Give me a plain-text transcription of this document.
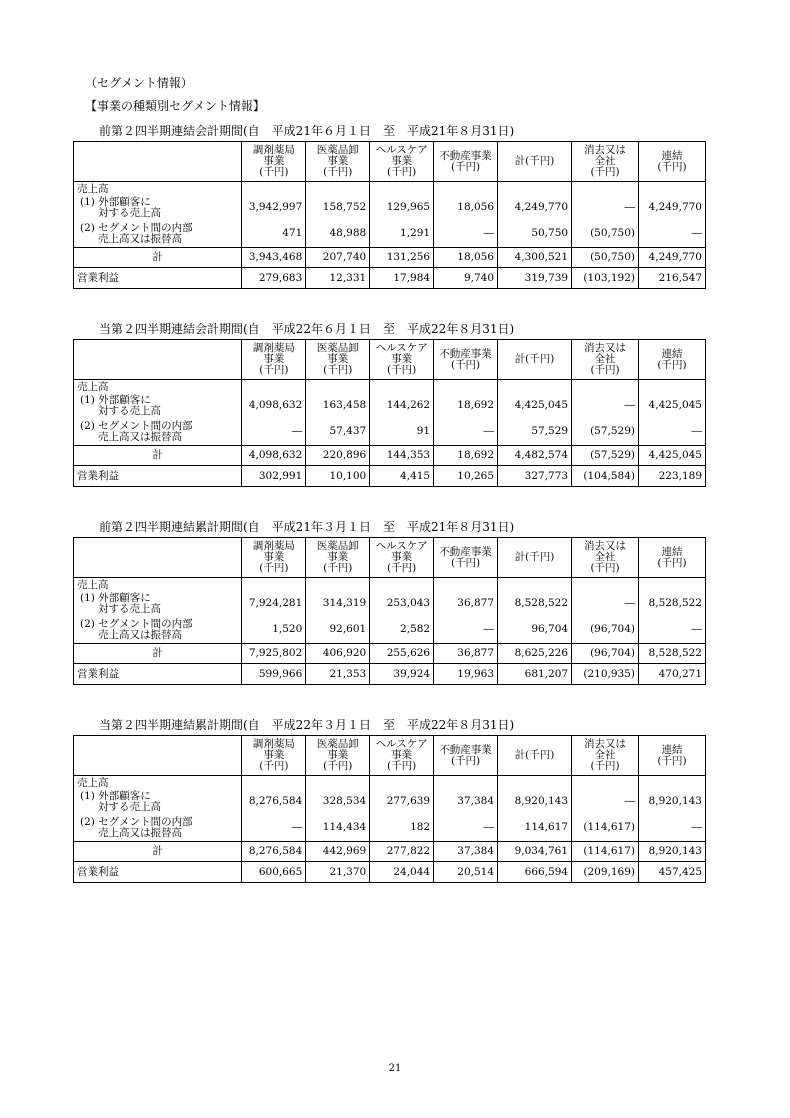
（セグメント情報）
【事業の種類別セグメント情報】
前第２四半期連結会計期間(自　平成21年６月１日　至　平成21年８月31日)

	調剤薬局
事業
(千円)	医薬品卸
事業
(千円)	ヘルスケア
事業
(千円)	不動産事業
(千円)	計(千円)	消去又は
全社
(千円)	連結
(千円)

売上高							

(1) 外部顧客に
対する売上高	3,942,997	158,752	129,965	18,056	4,249,770	―	4,249,770

(2) セグメント間の内部
売上高又は振替高	471	48,988	1,291	―	50,750	(50,750)	―
計	3,943,468	207,740	131,256	18,056	4,300,521	(50,750)	4,249,770
営業利益	279,683	12,331	17,984	9,740	319,739	(103,192)	216,547
当第２四半期連結会計期間(自　平成22年６月１日　至　平成22年８月31日)

	調剤薬局
事業
(千円)	医薬品卸
事業
(千円)	ヘルスケア
事業
(千円)	不動産事業
(千円)	計(千円)	消去又は
全社
(千円)	連結
(千円)

売上高							

(1) 外部顧客に
対する売上高	4,098,632	163,458	144,262	18,692	4,425,045	―	4,425,045

(2) セグメント間の内部
売上高又は振替高	―	57,437	91	―	57,529	(57,529)	―
計	4,098,632	220,896	144,353	18,692	4,482,574	(57,529)	4,425,045
営業利益	302,991	10,100	4,415	10,265	327,773	(104,584)	223,189
前第２四半期連結累計期間(自　平成21年３月１日　至　平成21年８月31日)

	調剤薬局
事業
(千円)	医薬品卸
事業
(千円)	ヘルスケア
事業
(千円)	不動産事業
(千円)	計(千円)	消去又は
全社
(千円)	連結
(千円)

売上高							

(1) 外部顧客に
対する売上高	7,924,281	314,319	253,043	36,877	8,528,522	―	8,528,522

(2) セグメント間の内部
売上高又は振替高	1,520	92,601	2,582	―	96,704	(96,704)	―
計	7,925,802	406,920	255,626	36,877	8,625,226	(96,704)	8,528,522
営業利益	599,966	21,353	39,924	19,963	681,207	(210,935)	470,271
当第２四半期連結累計期間(自　平成22年３月１日　至　平成22年８月31日)

	調剤薬局
事業
(千円)	医薬品卸
事業
(千円)	ヘルスケア
事業
(千円)	不動産事業
(千円)	計(千円)	消去又は
全社
(千円)	連結
(千円)

売上高							

(1) 外部顧客に
対する売上高	8,276,584	328,534	277,639	37,384	8,920,143	―	8,920,143

(2) セグメント間の内部
売上高又は振替高	―	114,434	182	―	114,617	(114,617)	―
計	8,276,584	442,969	277,822	37,384	9,034,761	(114,617)	8,920,143
営業利益	600,665	21,370	24,044	20,514	666,594	(209,169)	457,425
21
